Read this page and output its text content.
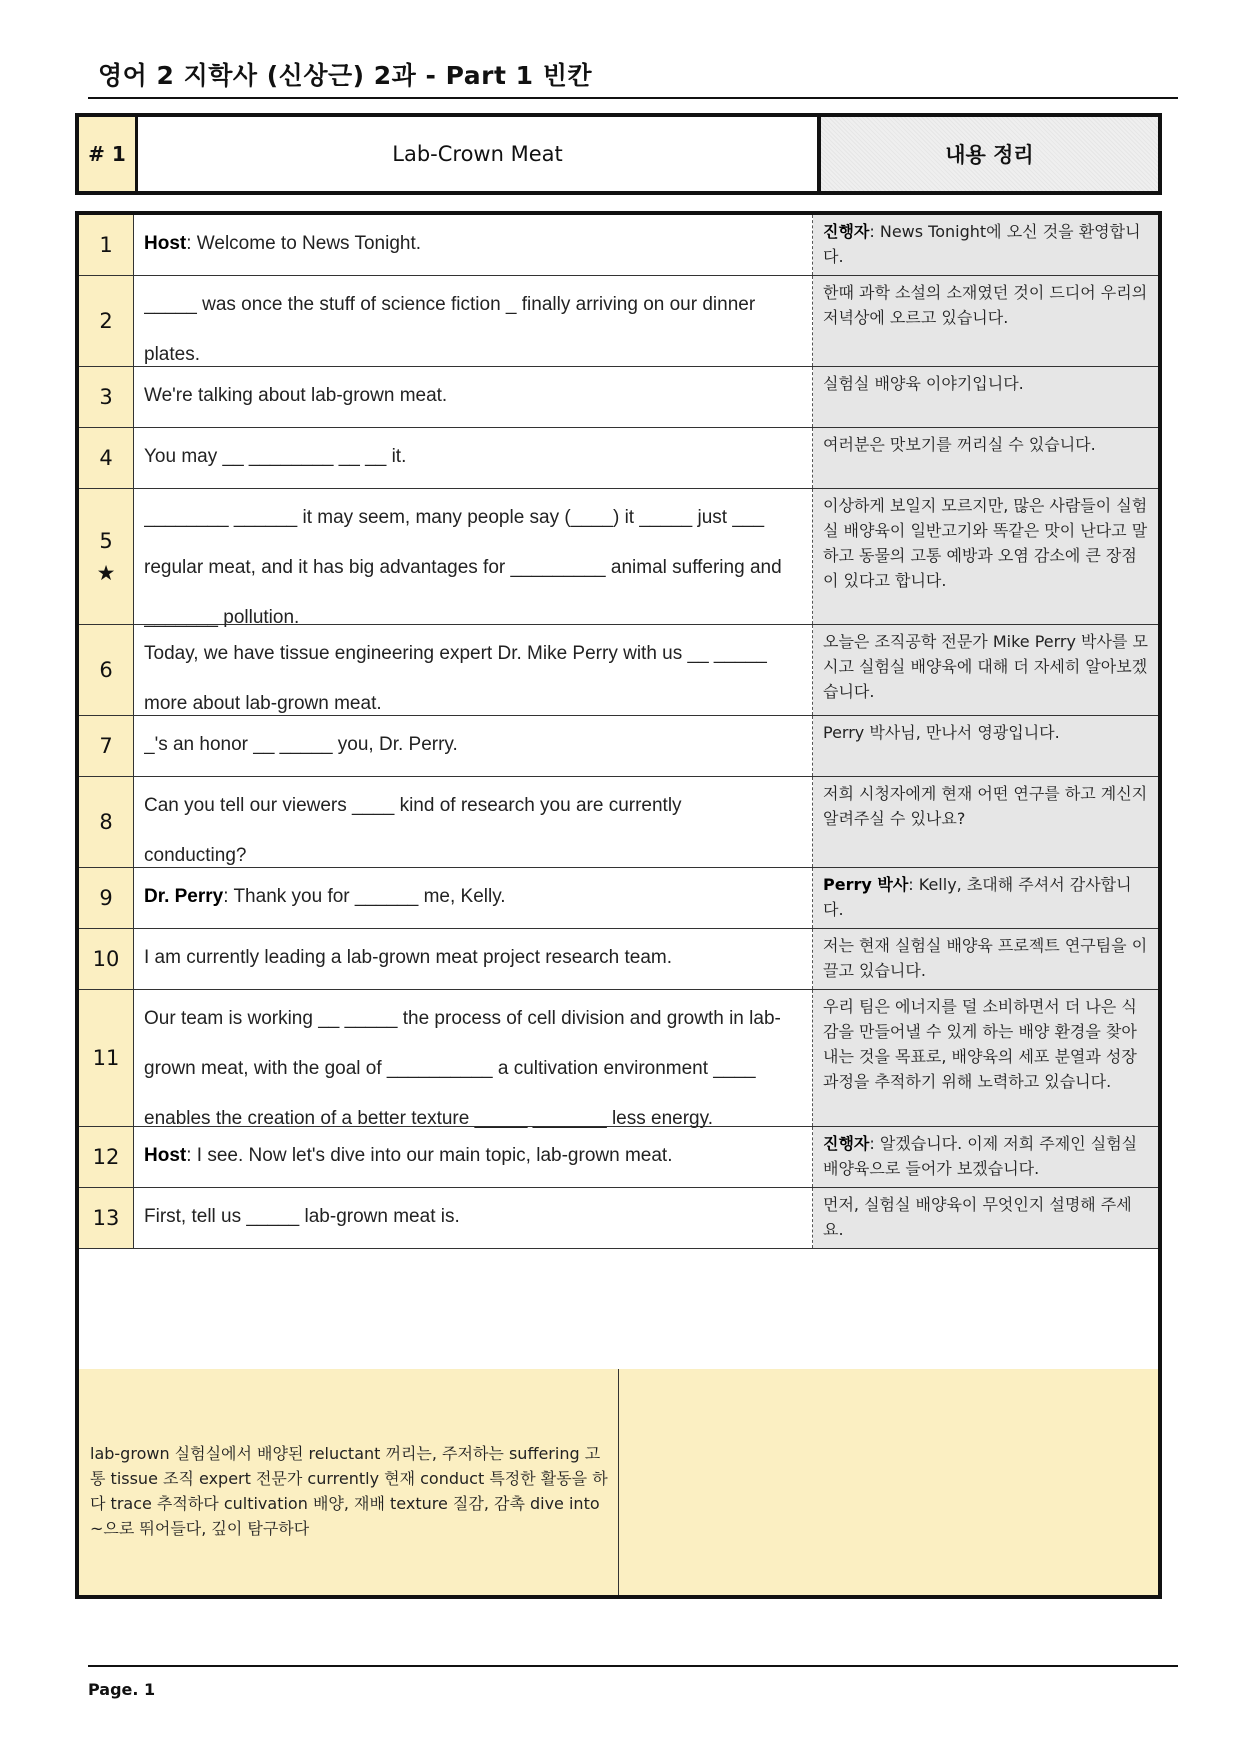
영어 2 지학사 (신상근) 2과 - Part 1 빈칸
# 1	Lab-Crown Meat	내용 정리
lab-grown 실험실에서 배양된 reluctant 꺼리는, 주저하는 suffering 고통 tissue 조직 expert 전문가 currently 현재 conduct 특정한 활동을 하다 trace 추적하다 cultivation 배양, 재배 texture 질감, 감촉 dive into ~으로 뛰어들다, 깊이 탐구하다
1 Host: Welcome to News Tonight.
진행자: News Tonight에 오신 것을 환영합니다.
2
_____ was once the stuff of science fiction _ finally arriving on our dinner
plates.
한때 과학 소설의 소재였던 것이 드디어 우리의 저녁상에 오르고 있습니다.
3 We're talking about lab-grown meat.
실험실 배양육 이야기입니다.
4 You may __ ________ __ __ it.
여러분은 맛보기를 꺼리실 수 있습니다.
5
★
________ ______ it may seem, many people say (____) it _____ just ___
regular meat, and it has big advantages for _________ animal suffering and
_______ pollution.
이상하게 보일지 모르지만, 많은 사람들이 실험실 배양육이 일반고기와 똑같은 맛이 난다고 말하고 동물의 고통 예방과 오염 감소에 큰 장점이 있다고 합니다.
6
Today, we have tissue engineering expert Dr. Mike Perry with us __ _____
more about lab-grown meat.
오늘은 조직공학 전문가 Mike Perry 박사를 모시고 실험실 배양육에 대해 더 자세히 알아보겠습니다.
7 _'s an honor __ _____ you, Dr. Perry.
Perry 박사님, 만나서 영광입니다.
8
Can you tell our viewers ____ kind of research you are currently
conducting?
저희 시청자에게 현재 어떤 연구를 하고 계신지 알려주실 수 있나요?
9 Dr. Perry: Thank you for ______ me, Kelly.
Perry 박사: Kelly, 초대해 주셔서 감사합니다.
10 I am currently leading a lab-grown meat project research team.
저는 현재 실험실 배양육 프로젝트 연구팀을 이끌고 있습니다.
11
Our team is working __ _____ the process of cell division and growth in lab-
grown meat, with the goal of __________ a cultivation environment ____
enables the creation of a better texture _____ _______ less energy.
우리 팀은 에너지를 덜 소비하면서 더 나은 식감을 만들어낼 수 있게 하는 배양 환경을 찾아내는 것을 목표로, 배양육의 세포 분열과 성장 과정을 추적하기 위해 노력하고 있습니다.
12 Host: I see. Now let's dive into our main topic, lab-grown meat.
진행자: 알겠습니다. 이제 저희 주제인 실험실 배양육으로 들어가 보겠습니다.
13 First, tell us _____ lab-grown meat is.
먼저, 실험실 배양육이 무엇인지 설명해 주세요.
Page. 1
